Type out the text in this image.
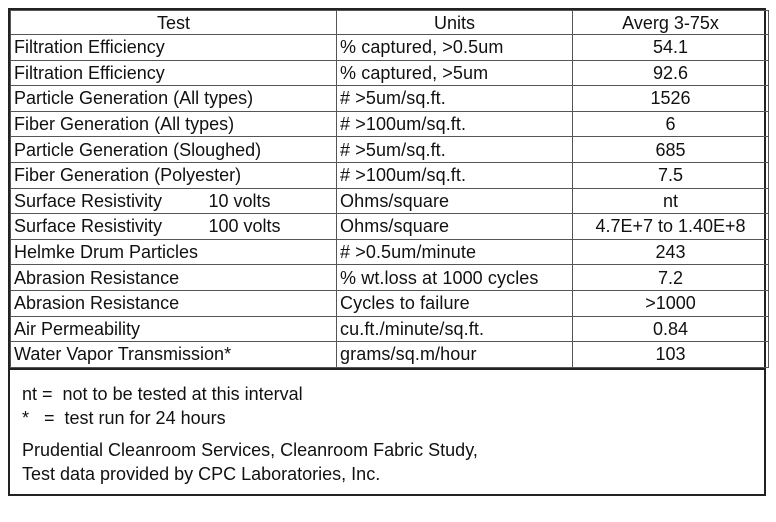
Test		Units	Averg 3-75x
Filtration Efficiency		% captured, >0.5um	54.1
Filtration Efficiency		% captured, >5um	92.6
Particle Generation (All types)		# >5um/sq.ft.	1526
Fiber Generation (All types)		# >100um/sq.ft.	6
Particle Generation (Sloughed)		# >5um/sq.ft.	685
Fiber Generation (Polyester)		# >100um/sq.ft.	7.5
Surface Resistivity	10 volts	Ohms/square	nt
Surface Resistivity	100 volts	Ohms/square	4.7E+7 to 1.40E+8
Helmke Drum Particles		# >0.5um/minute	243
Abrasion Resistance		% wt.loss at 1000 cycles	7.2
Abrasion Resistance		Cycles to failure	>1000
Air Permeability		cu.ft./minute/sq.ft.	0.84
Water Vapor Transmission*		grams/sq.m/hour	103
nt =  not to be tested at this interval
*   =  test run for 24 hours
Prudential Cleanroom Services, Cleanroom Fabric Study,
Test data provided by CPC Laboratories, Inc.
